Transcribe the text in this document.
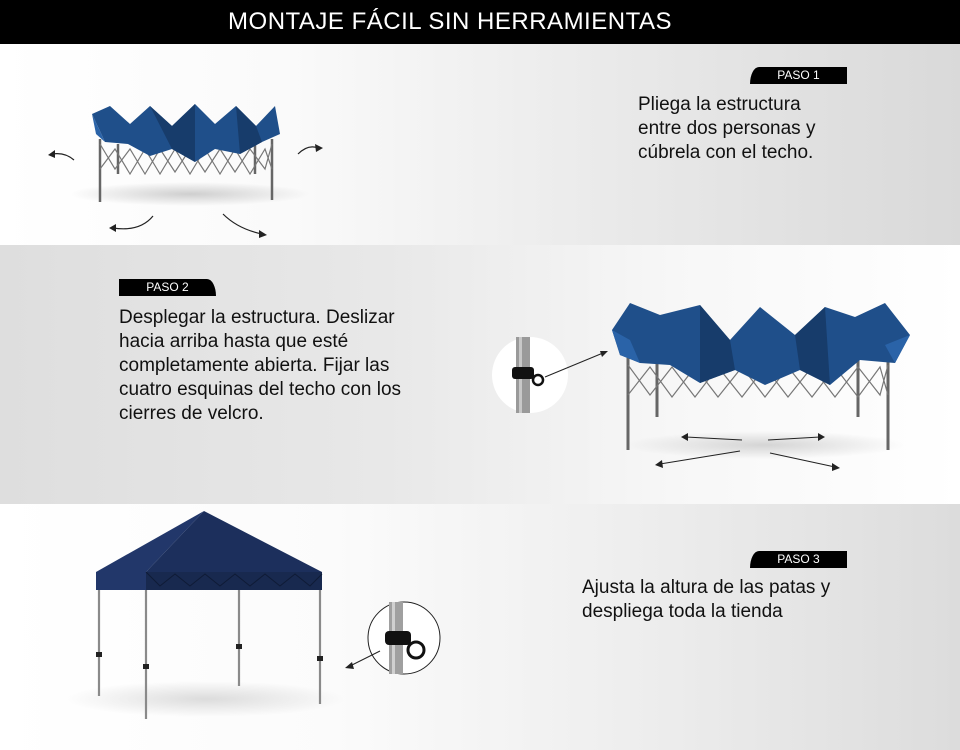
MONTAJE FÁCIL SIN HERRAMIENTAS
PASO 1
Pliega la estructura entre dos personas y cúbrela con el techo.
PASO 2
Desplegar la estructura. Deslizar hacia arriba hasta que esté completamente abierta. Fijar las cuatro esquinas del techo con los cierres de velcro.
PASO 3
Ajusta la altura de las patas y despliega toda la tienda
